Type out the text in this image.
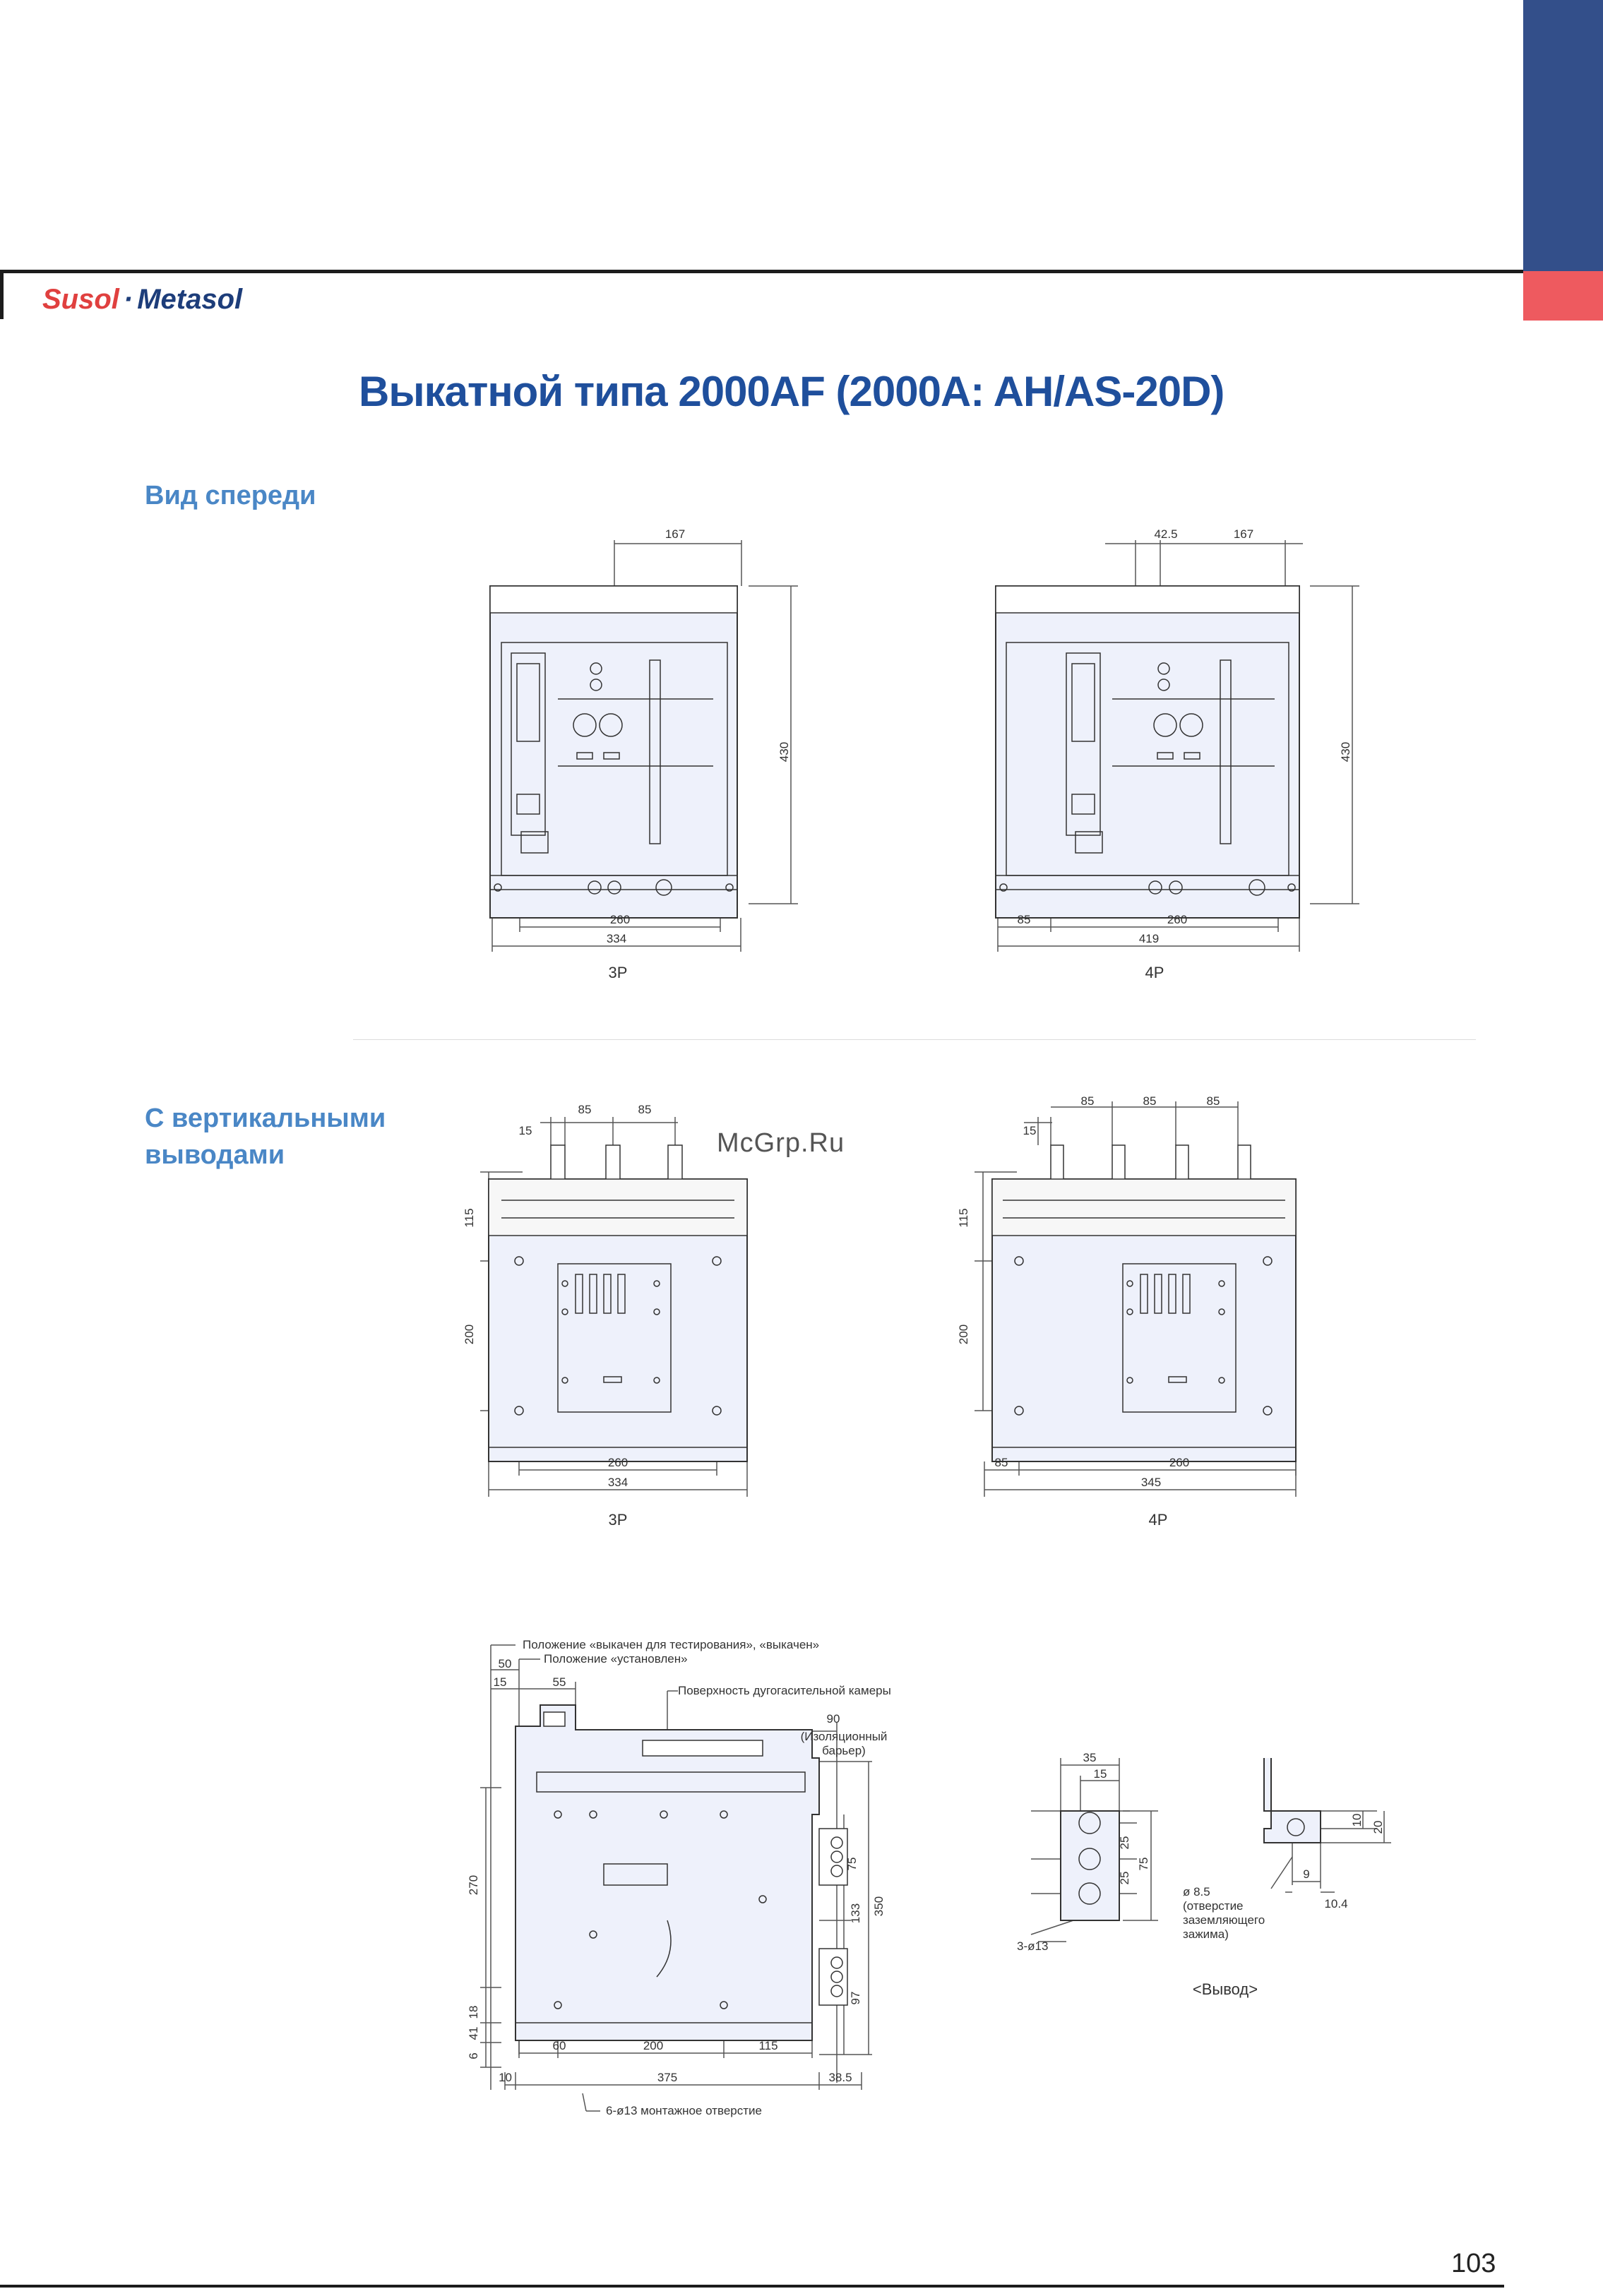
Susol · Metasol
Выкатной типа 2000AF (2000A: AH/AS-20D)
Вид спереди
С вертикальными
выводами	McGrp.Ru
167
430
260
334
3P
42.5	167
430
85	260
419
4P
15
85	85
115
200
260
334
3P
15
85	85	85
115
200
85	260
345
4P
Положение «выкачен для тестирования», «выкачен»
Положение «установлен»
Поверхность дугогасительной камеры
90
(Изоляционный
барьер)
50
15	55
270
41
18
6
75
133 350
97
60	200	115
10	375	38.5
6-ø13 монтажное отверстие
35
15
25
25
75
3-ø13
ø 8.5
(отверстие
заземляющего
зажима)
10
20
9
10.4
<Вывод>
103
